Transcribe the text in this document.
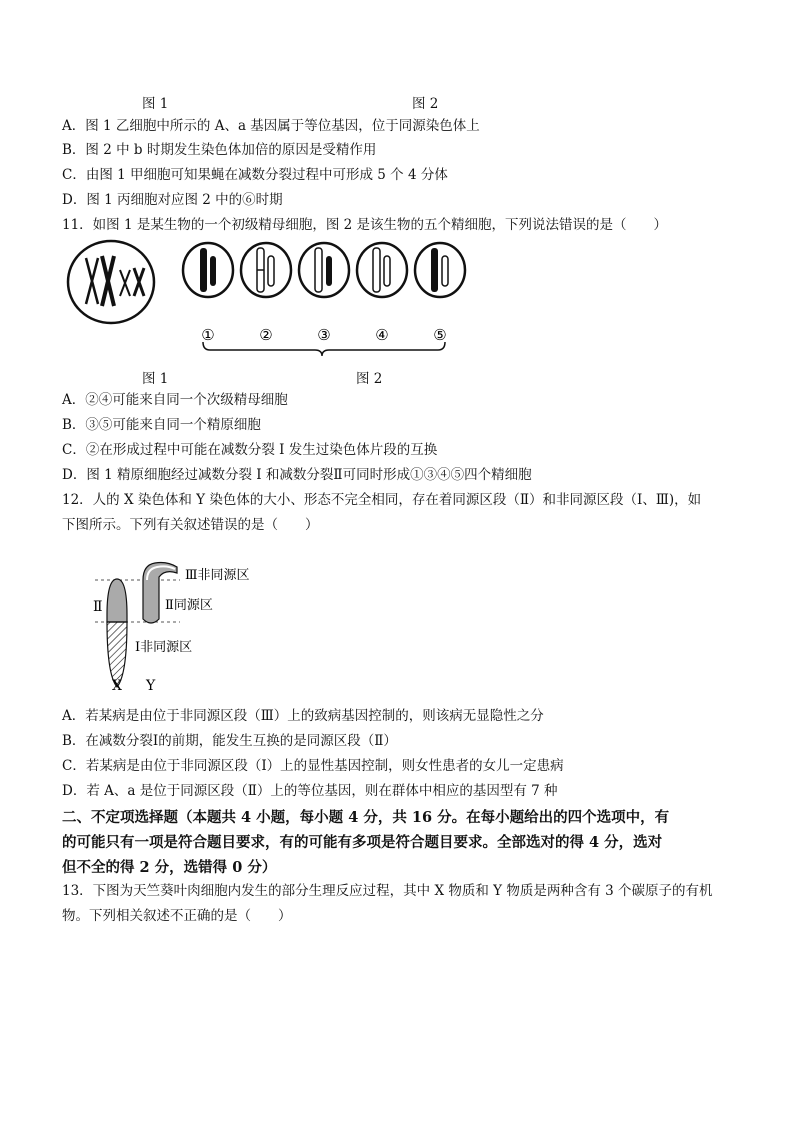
图 1	图 2
A．图 1 乙细胞中所示的 A、a 基因属于等位基因，位于同源染色体上
B．图 2 中 b 时期发生染色体加倍的原因是受精作用
C．由图 1 甲细胞可知果蝇在减数分裂过程中可形成 5 个 4 分体
D．图 1 丙细胞对应图 2 中的⑥时期
11．如图 1 是某生物的一个初级精母细胞，图 2 是该生物的五个精细胞，下列说法错误的是（　　）
①	②	③	④	⑤
图 1	图 2
A．②④可能来自同一个次级精母细胞
B．③⑤可能来自同一个精原细胞
C．②在形成过程中可能在减数分裂 I 发生过染色体片段的互换
D．图 1 精原细胞经过减数分裂 I 和减数分裂Ⅱ可同时形成①③④⑤四个精细胞
12．人的 X 染色体和 Y 染色体的大小、形态不完全相同，存在着同源区段（Ⅱ）和非同源区段（Ⅰ、Ⅲ)，如
下图所示。下列有关叙述错误的是（　　）
Ⅱ
Ⅲ非同源区
Ⅱ同源区
Ⅰ非同源区
X Y
A．若某病是由位于非同源区段（Ⅲ）上的致病基因控制的，则该病无显隐性之分
B．在减数分裂Ⅰ的前期，能发生互换的是同源区段（Ⅱ）
C．若某病是由位于非同源区段（Ⅰ）上的显性基因控制，则女性患者的女儿一定患病
D．若 A、a 是位于同源区段（Ⅱ）上的等位基因，则在群体中相应的基因型有 7 种
二、不定项选择题（本题共 4 小题，每小题 4 分，共 16 分。在每小题给出的四个选项中，有
的可能只有一项是符合题目要求，有的可能有多项是符合题目要求。全部选对的得 4 分，选对
但不全的得 2 分，选错得 0 分）
13．下图为天竺葵叶肉细胞内发生的部分生理反应过程，其中 X 物质和 Y 物质是两种含有 3 个碳原子的有机
物。下列相关叙述不正确的是（　　）
